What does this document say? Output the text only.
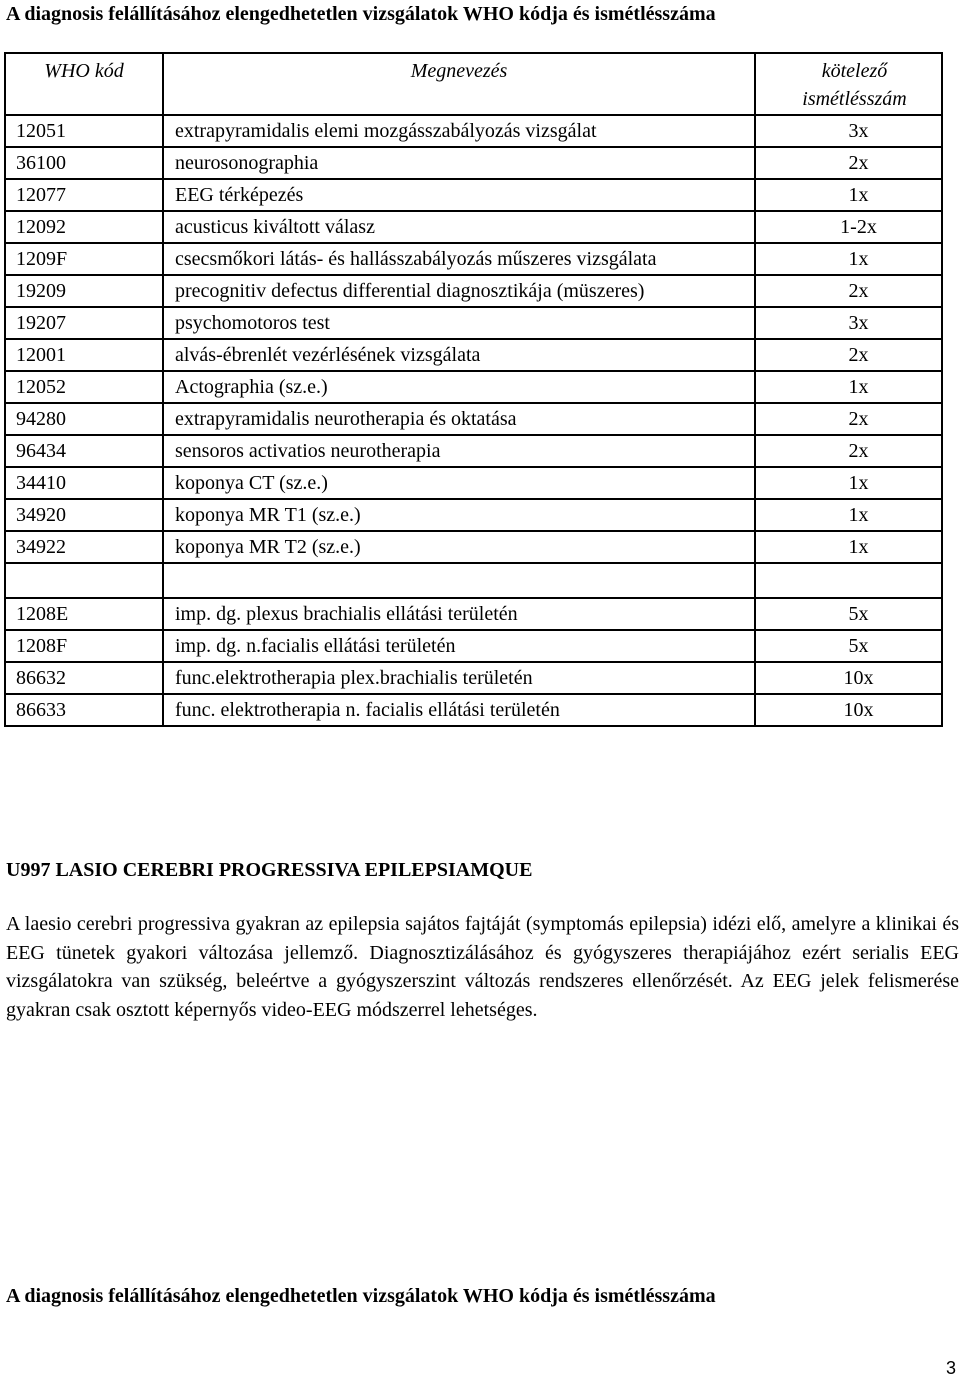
A diagnosis felállításához elengedhetetlen vizsgálatok WHO kódja és ismétlésszáma
WHO kód	Megnevezés	kötelező ismétlésszám
12051	extrapyramidalis elemi mozgásszabályozás vizsgálat	3x
36100	neurosonographia	2x
12077	EEG térképezés	1x
12092	acusticus kiváltott válasz	1-2x
1209F	csecsmőkori látás- és hallásszabályozás műszeres vizsgálata	1x
19209	precognitiv defectus differential diagnosztikája (müszeres)	2x
19207	psychomotoros test	3x
12001	alvás-ébrenlét vezérlésének vizsgálata	2x
12052	Actographia (sz.e.)	1x
94280	extrapyramidalis neurotherapia és oktatása	2x
96434	sensoros activatios neurotherapia	2x
34410	koponya CT (sz.e.)	1x
34920	koponya MR T1 (sz.e.)	1x
34922	koponya MR T2 (sz.e.)	1x

1208E	imp. dg. plexus brachialis ellátási területén	5x
1208F	imp. dg. n.facialis ellátási területén	5x
86632	func.elektrotherapia plex.brachialis területén	10x
86633	func. elektrotherapia n. facialis ellátási területén	10x
U997 LASIO CEREBRI PROGRESSIVA EPILEPSIAMQUE

A laesio cerebri progressiva gyakran az epilepsia sajátos fajtáját (symptomás epilepsia) idézi elő, amelyre a klinikai és EEG tünetek gyakori változása jellemző. Diagnosztizálásához és gyógyszeres therapiájához ezért serialis EEG vizsgálatokra van szükség, beleértve a gyógyszerszint változás rendszeres ellenőrzését. Az EEG jelek felismerése gyakran csak osztott képernyős video-EEG módszerrel lehetséges.

A diagnosis felállításához elengedhetetlen vizsgálatok WHO kódja és ismétlésszáma
3
